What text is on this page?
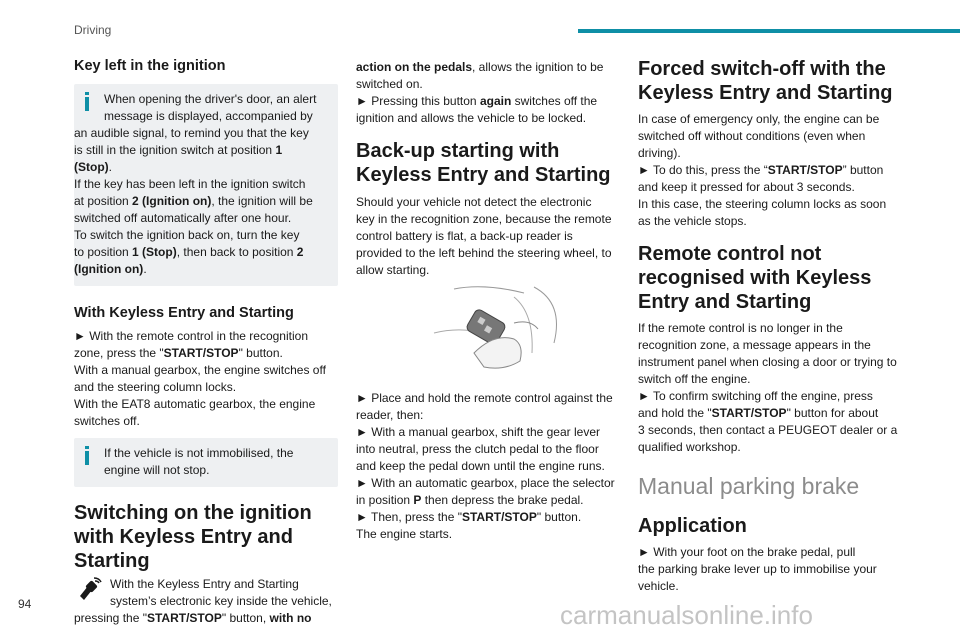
Driving
94
Key left in the ignition

When opening the driver's door, an alert

message is displayed, accompanied by

an audible signal, to remind you that the key

is still in the ignition switch at position 1

(Stop).

If the key has been left in the ignition switch

at position 2 (Ignition on), the ignition will be

switched off automatically after one hour.

To switch the ignition back on, turn the key

to position 1 (Stop), then back to position 2

(Ignition on).

With Keyless Entry and Starting

► With the remote control in the recognition

zone, press the "START/STOP" button.

With a manual gearbox, the engine switches off

and the steering column locks.

With the EAT8 automatic gearbox, the engine

switches off.

If the vehicle is not immobilised, the

engine will not stop.

Switching on the ignition
with Keyless Entry and
Starting

With the Keyless Entry and Starting

system’s electronic key inside the vehicle,

pressing the "START/STOP" button, with no

action on the pedals, allows the ignition to be

switched on.

► Pressing this button again switches off the

ignition and allows the vehicle to be locked.

Back-up starting with
Keyless Entry and Starting

Should your vehicle not detect the electronic

key in the recognition zone, because the remote

control battery is flat, a back-up reader is

provided to the left behind the steering wheel, to

allow starting.

► Place and hold the remote control against the

reader, then:

► With a manual gearbox, shift the gear lever

into neutral, press the clutch pedal to the floor

and keep the pedal down until the engine runs.

► With an automatic gearbox, place the selector

in position P then depress the brake pedal.

► Then, press the "START/STOP" button.

The engine starts.

Forced switch-off with the
Keyless Entry and Starting

In case of emergency only, the engine can be

switched off without conditions (even when

driving).

► To do this, press the “START/STOP” button

and keep it pressed for about 3 seconds.

In this case, the steering column locks as soon

as the vehicle stops.

Remote control not
recognised with Keyless
Entry and Starting

If the remote control is no longer in the

recognition zone, a message appears in the

instrument panel when closing a door or trying to

switch off the engine.

► To confirm switching off the engine, press

and hold the "START/STOP" button for about

3 seconds, then contact a PEUGEOT dealer or a

qualified workshop.

Manual parking brake
Application

► With your foot on the brake pedal, pull

the parking brake lever up to immobilise your

vehicle.

carmanualsonline.info
